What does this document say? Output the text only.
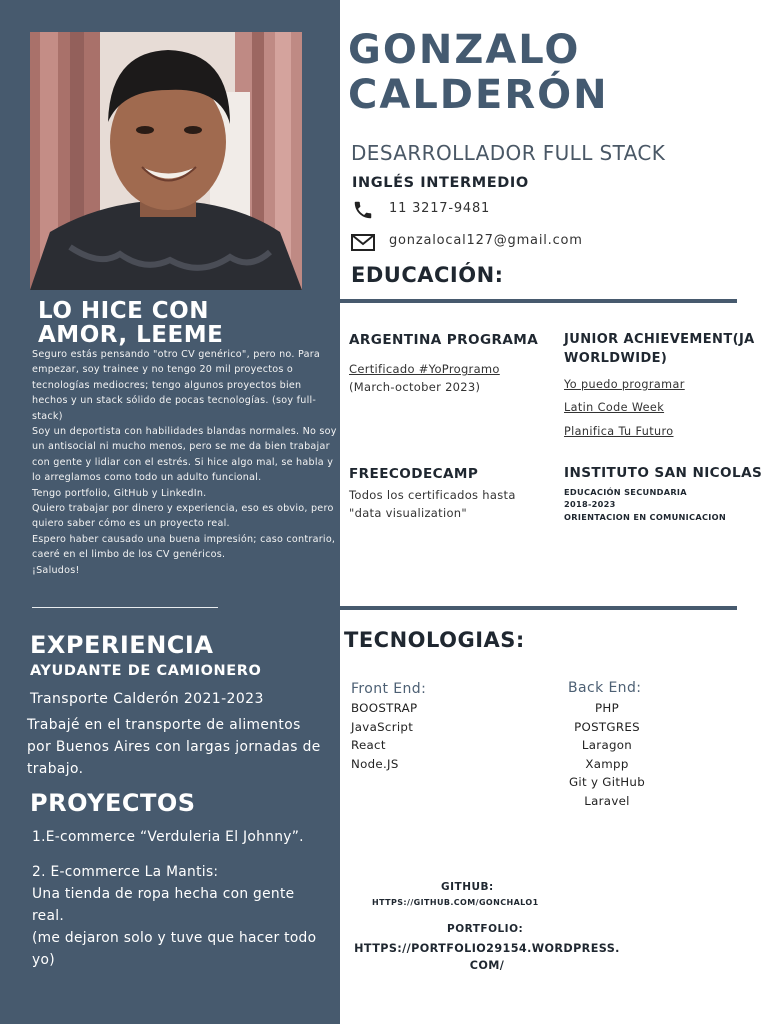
LO HICE CON
AMOR, LEEME

Seguro estás pensando "otro CV genérico", pero no. Para empezar, soy trainee y no tengo 20 mil proyectos o tecnologías mediocres; tengo algunos proyectos bien hechos y un stack sólido de pocas tecnologías. (soy full-stack)

Soy un deportista con habilidades blandas normales. No soy un antisocial ni mucho menos, pero se me da bien trabajar con gente y lidiar con el estrés. Si hice algo mal, se habla y lo arreglamos como todo un adulto funcional.

Tengo portfolio, GitHub y LinkedIn.

Quiero trabajar por dinero y experiencia, eso es obvio, pero quiero saber cómo es un proyecto real.

Espero haber causado una buena impresión; caso contrario, caeré en el limbo de los CV genéricos.

¡Saludos!

EXPERIENCIA
AYUDANTE DE CAMIONERO
Transporte Calderón 2021-2023
Trabajé en el transporte de alimentos por Buenos Aires con largas jornadas de trabajo.
PROYECTOS
1.E-commerce “Verduleria El Johnny”.
2. E-commerce La Mantis:
Una tienda de ropa hecha con gente real.
(me dejaron solo y tuve que hacer todo yo)
GONZALO
CALDERÓN
DESARROLLADOR FULL STACK
INGLÉS INTERMEDIO
11 3217-9481
gonzalocal127@gmail.com
EDUCACIÓN:
ARGENTINA PROGRAMA
Certificado #YoProgramo
(March-october 2023)
JUNIOR ACHIEVEMENT(JA WORLDWIDE)
Yo puedo programar
Latin Code Week
Planifica Tu Futuro
FREECODECAMP
Todos los certificados hasta "data visualization"
INSTITUTO SAN NICOLAS
EDUCACIÓN SECUNDARIA
2018-2023
ORIENTACION EN COMUNICACION
TECNOLOGIAS:
Front End:
BOOSTRAP
JavaScript
React
Node.JS
Back End:
PHP
POSTGRES
Laragon
Xampp
Git y GitHub
Laravel
GITHUB:
HTTPS://GITHUB.COM/GONCHALO1
PORTFOLIO:
HTTPS://PORTFOLIO29154.WORDPRESS.COM/
